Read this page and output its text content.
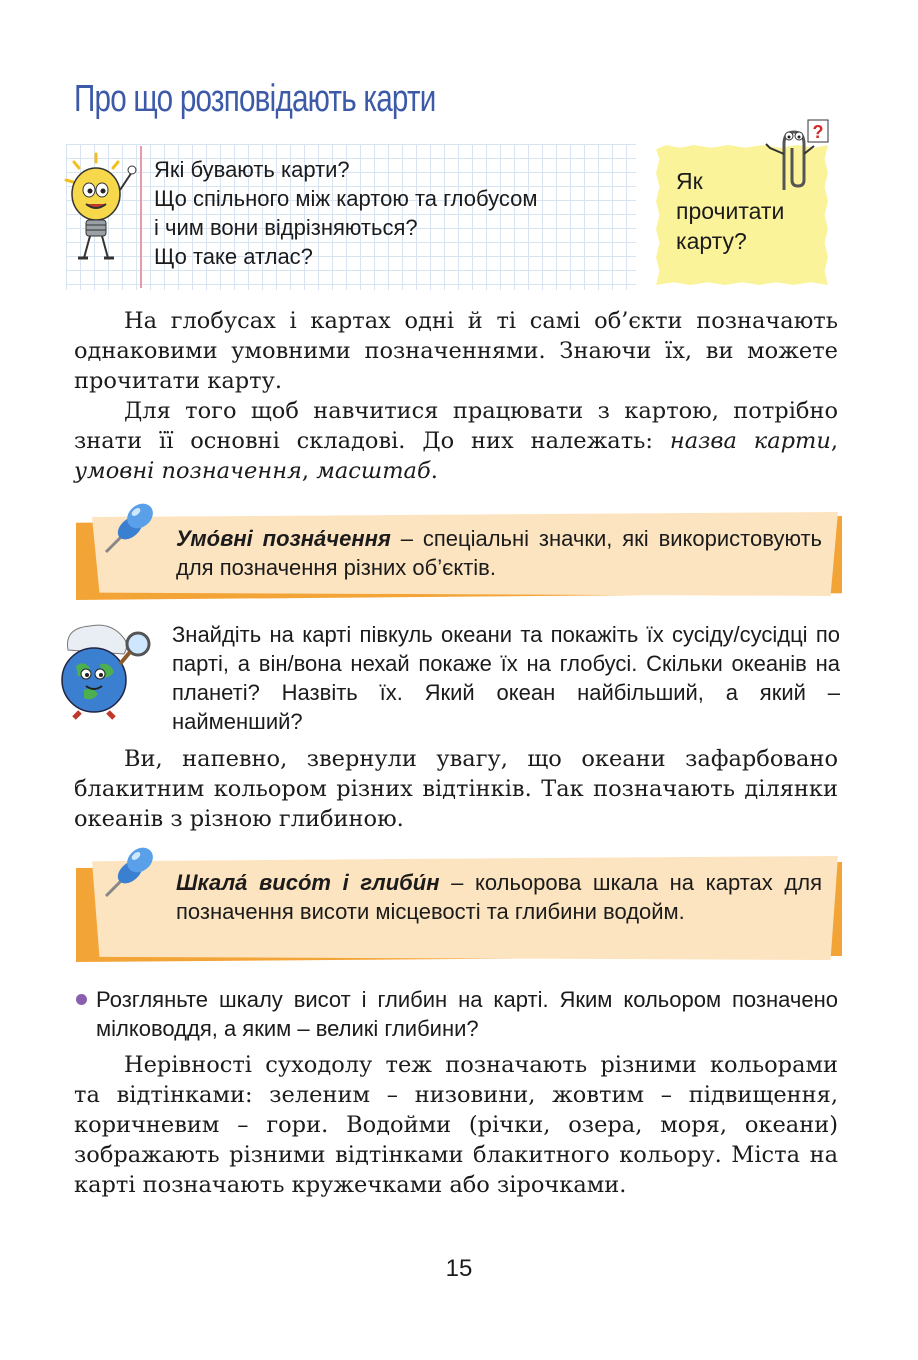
Про що розповідають карти
Які бувають карти?
Що спільного між картою та глобусом
і чим вони відрізняються?
Що таке атлас?
Як
прочитати
карту?
?

На глобусах і картах одні й ті самі об’єкти позначають однаковими умовними позначеннями. Знаючи їх, ви можете прочитати карту.

Для того щоб навчитися працювати з картою, потрібно знати її основні складові. До них належать: назва карти, умовні позначення, масштаб.

Умо́вні позна́чення – спеціальні значки, які використовують для позначення різних об’єктів.

Знайдіть на карті півкуль океани та покажіть їх сусіду/сусідці по парті, а він/вона нехай покаже їх на глобусі. Скільки океанів на планеті? Назвіть їх. Який океан найбільший, а який – найменший?

Ви, напевно, звернули увагу, що океани зафарбовано блакитним кольором різних відтінків. Так позначають ділянки океанів з різною глибиною.

Шкала́ висо́т і глиби́н – кольорова шкала на картах для позначення висоти місцевості та глибини водойм.

Розгляньте шкалу висот і глибин на карті. Яким кольором позначено мілководдя, а яким – великі глибини?

Нерівності суходолу теж позначають різними кольорами та відтінками: зеленим – низовини, жовтим – підвищення, коричневим – гори. Водойми (річки, озера, моря, океани) зображають різними відтінками блакитного кольору. Міста на карті позначають кружечками або зірочками.

15
